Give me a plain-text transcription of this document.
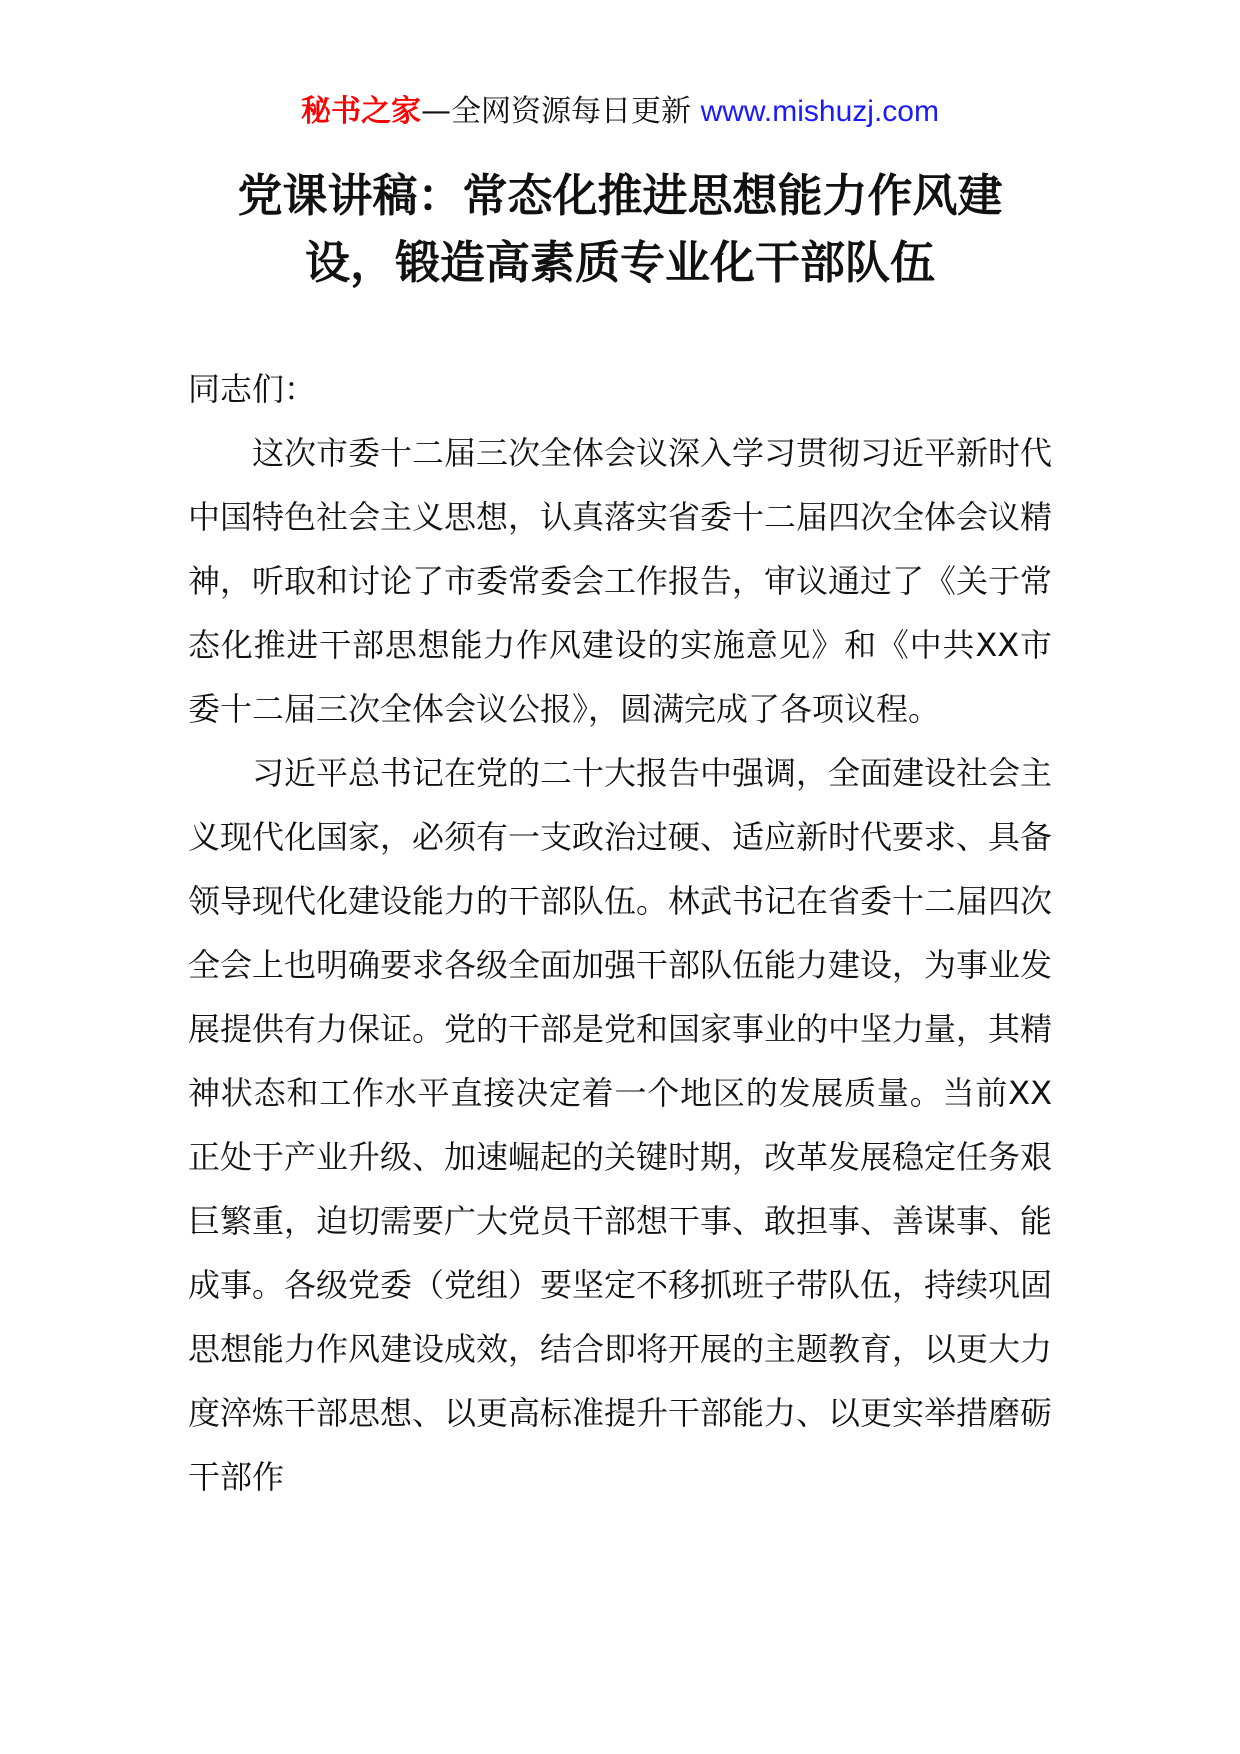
秘书之家—全网资源每日更新 www.mishuzj.com
党课讲稿：常态化推进思想能力作风建
设，锻造高素质专业化干部队伍

同志们：

这次市委十二届三次全体会议深入学习贯彻习近平新时代中国特色社会主义思想，认真落实省委十二届四次全体会议精神，听取和讨论了市委常委会工作报告，审议通过了《关于常态化推进干部思想能力作风建设的实施意见》和《中共XX市委十二届三次全体会议公报》，圆满完成了各项议程。

习近平总书记在党的二十大报告中强调，全面建设社会主义现代化国家，必须有一支政治过硬、适应新时代要求、具备领导现代化建设能力的干部队伍。林武书记在省委十二届四次全会上也明确要求各级全面加强干部队伍能力建设，为事业发展提供有力保证。党的干部是党和国家事业的中坚力量，其精神状态和工作水平直接决定着一个地区的发展质量。当前XX正处于产业升级、加速崛起的关键时期，改革发展稳定任务艰巨繁重，迫切需要广大党员干部想干事、敢担事、善谋事、能成事。各级党委（党组）要坚定不移抓班子带队伍，持续巩固思想能力作风建设成效，结合即将开展的主题教育，以更大力度淬炼干部思想、以更高标准提升干部能力、以更实举措磨砺干部作
